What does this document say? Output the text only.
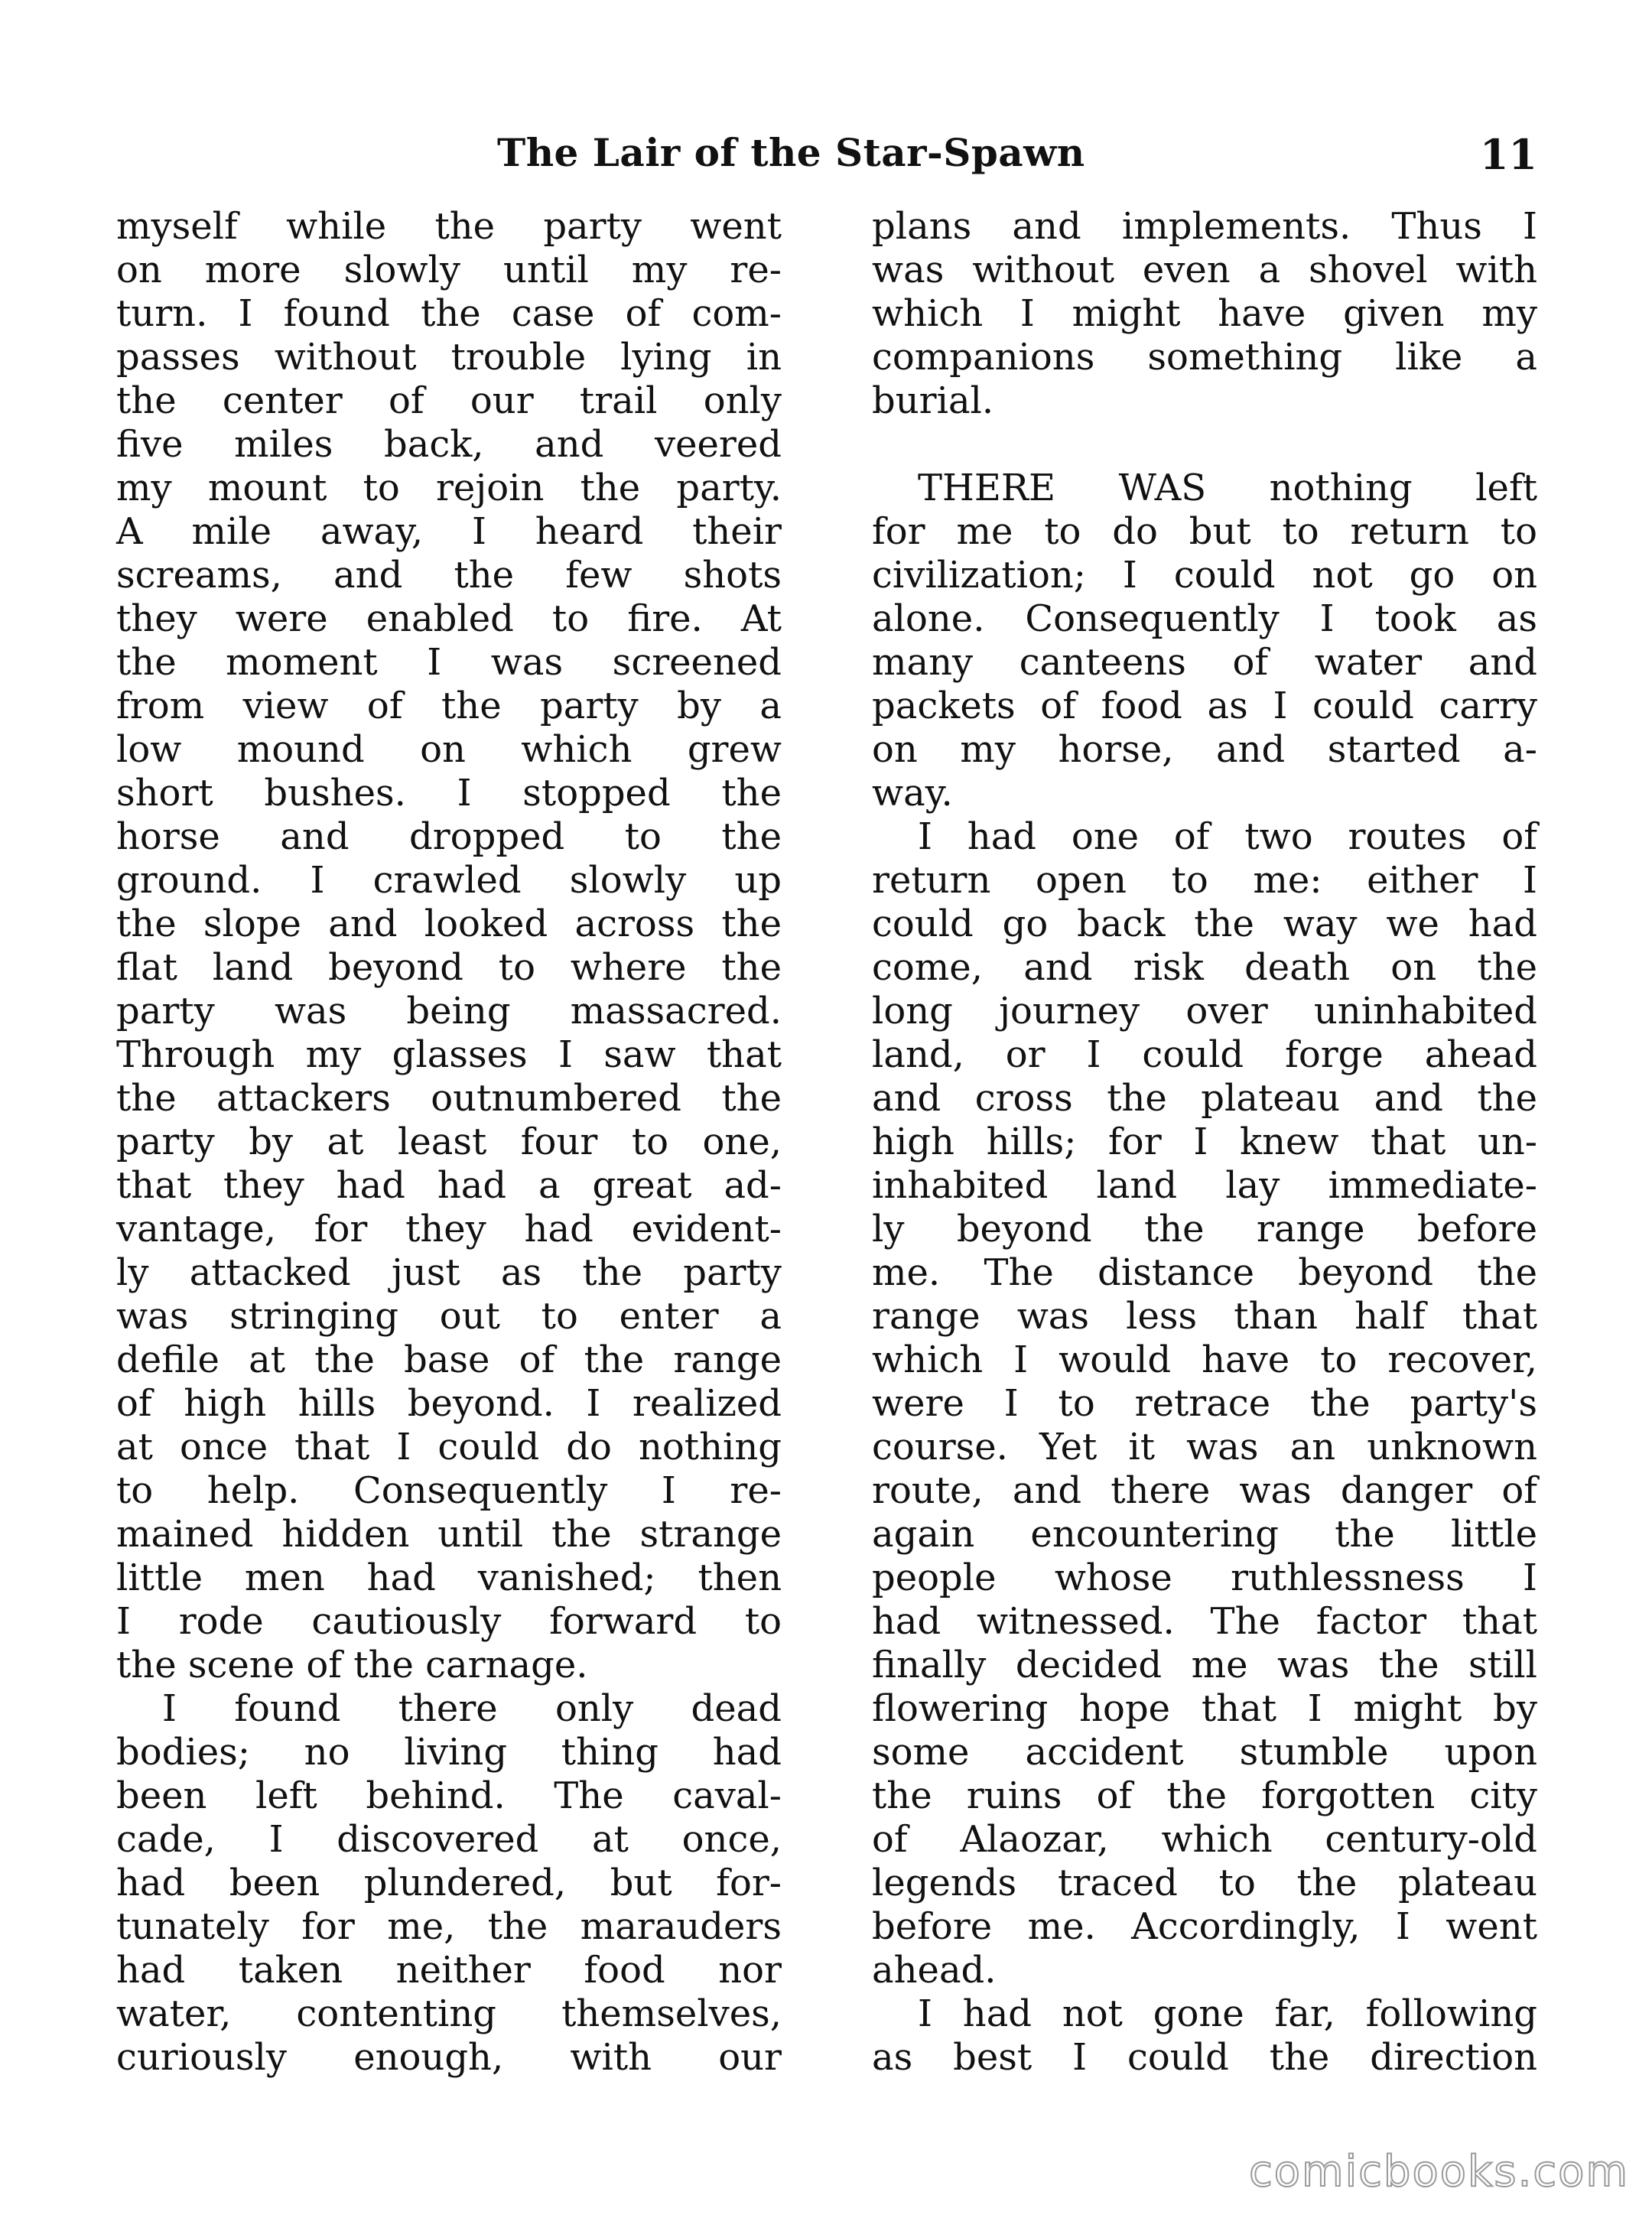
The Lair of the Star-Spawn	11
myself while the party went
on more slowly until my re-
turn. I found the case of com-
passes without trouble lying in
the center of our trail only
five miles back, and veered
my mount to rejoin the party.
A mile away, I heard their
screams, and the few shots
they were enabled to fire. At
the moment I was screened
from view of the party by a
low mound on which grew
short bushes. I stopped the
horse and dropped to the
ground. I crawled slowly up
the slope and looked across the
flat land beyond to where the
party was being massacred.
Through my glasses I saw that
the attackers outnumbered the
party by at least four to one,
that they had had a great ad-
vantage, for they had evident-
ly attacked just as the party
was stringing out to enter a
defile at the base of the range
of high hills beyond. I realized
at once that I could do nothing
to help. Consequently I re-
mained hidden until the strange
little men had vanished; then
I rode cautiously forward to
the scene of the carnage.
I found there only dead
bodies; no living thing had
been left behind. The caval-
cade, I discovered at once,
had been plundered, but for-
tunately for me, the marauders
had taken neither food nor
water, contenting themselves,
curiously enough, with our
plans and implements. Thus I
was without even a shovel with
which I might have given my
companions something like a
burial.
THERE WAS nothing left
for me to do but to return to
civilization; I could not go on
alone. Consequently I took as
many canteens of water and
packets of food as I could carry
on my horse, and started a-
way.
I had one of two routes of
return open to me: either I
could go back the way we had
come, and risk death on the
long journey over uninhabited
land, or I could forge ahead
and cross the plateau and the
high hills; for I knew that un-
inhabited land lay immediate-
ly beyond the range before
me. The distance beyond the
range was less than half that
which I would have to recover,
were I to retrace the party's
course. Yet it was an unknown
route, and there was danger of
again encountering the little
people whose ruthlessness I
had witnessed. The factor that
finally decided me was the still
flowering hope that I might by
some accident stumble upon
the ruins of the forgotten city
of Alaozar, which century-old
legends traced to the plateau
before me. Accordingly, I went
ahead.
I had not gone far, following
as best I could the direction
comicbooks.com
